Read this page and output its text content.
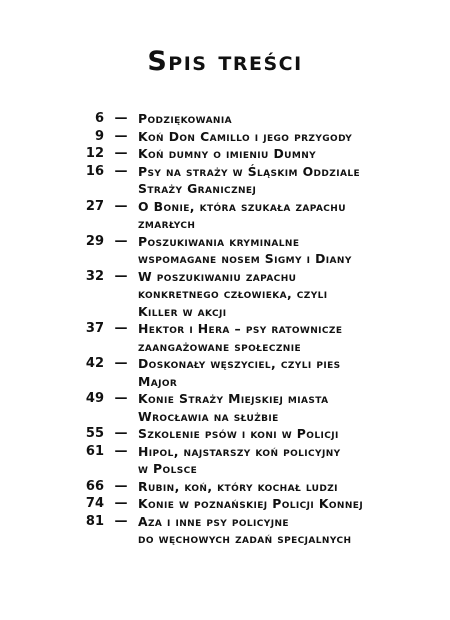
Spis treści
6 — Podziękowania
9 — Koń Don Camillo i jego przygody
12 — Koń dumny o imieniu Dumny
16 — Psy na straży w Śląskim Oddziale
Straży Granicznej
27 — O Bonie, która szukała zapachu
zmarłych
29 — Poszukiwania kryminalne
wspomagane nosem Sigmy i Diany
32 — W poszukiwaniu zapachu
konkretnego człowieka, czyli
Killer w akcji
37 — Hektor i Hera – psy ratownicze
zaangażowane społecznie
42 — Doskonały węszyciel, czyli pies
Major
49 — Konie Straży Miejskiej miasta
Wrocławia na służbie
55 — Szkolenie psów i koni w Policji
61 — Hipol, najstarszy koń policyjny
w Polsce
66 — Rubin, koń, który kochał ludzi
74 — Konie w poznańskiej Policji Konnej
81 — Aza i inne psy policyjne
do węchowych zadań specjalnych
